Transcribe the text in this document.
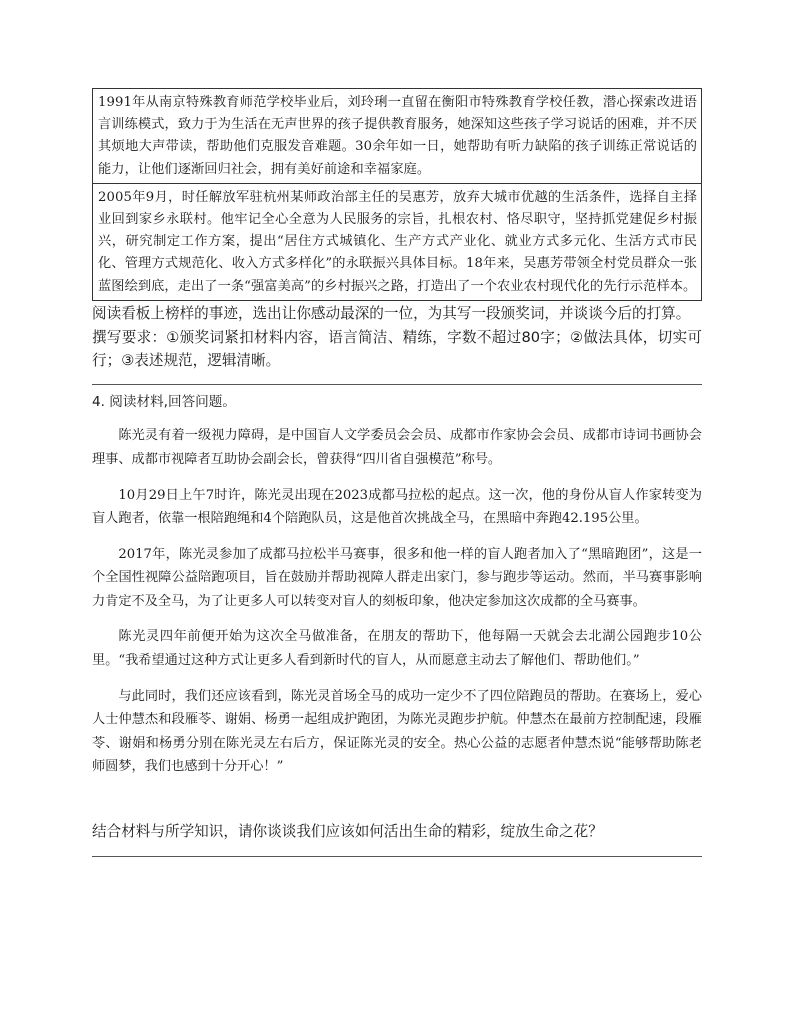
1991年从南京特殊教育师范学校毕业后，刘玲琍一直留在衡阳市特殊教育学校任教，潜心探索改进语言训练模式，致力于为生活在无声世界的孩子提供教育服务，她深知这些孩子学习说话的困难，并不厌其烦地大声带读，帮助他们克服发音难题。30余年如一日，她帮助有听力缺陷的孩子训练正常说话的能力，让他们逐渐回归社会，拥有美好前途和幸福家庭。
2005年9月，时任解放军驻杭州某师政治部主任的吴惠芳，放弃大城市优越的生活条件，选择自主择业回到家乡永联村。他牢记全心全意为人民服务的宗旨，扎根农村、恪尽职守，坚持抓党建促乡村振兴，研究制定工作方案，提出“居住方式城镇化、生产方式产业化、就业方式多元化、生活方式市民化、管理方式规范化、收入方式多样化”的永联振兴具体目标。18年来，吴惠芳带领全村党员群众一张蓝图绘到底，走出了一条“强富美高”的乡村振兴之路，打造出了一个农业农村现代化的先行示范样本。

阅读看板上榜样的事迹，选出让你感动最深的一位，为其写一段颁奖词，并谈谈今后的打算。

撰写要求：①颁奖词紧扣材料内容，语言简洁、精练，字数不超过80字；②做法具体，切实可行；③表述规范，逻辑清晰。

4. 阅读材料,回答问题。

陈光灵有着一级视力障碍，是中国盲人文学委员会会员、成都市作家协会会员、成都市诗词书画协会理事、成都市视障者互助协会副会长，曾获得“四川省自强模范”称号。

10月29日上午7时许，陈光灵出现在2023成都马拉松的起点。这一次，他的身份从盲人作家转变为盲人跑者，依靠一根陪跑绳和4个陪跑队员，这是他首次挑战全马，在黑暗中奔跑42.195公里。

2017年，陈光灵参加了成都马拉松半马赛事，很多和他一样的盲人跑者加入了“黑暗跑团”，这是一个全国性视障公益陪跑项目，旨在鼓励并帮助视障人群走出家门，参与跑步等运动。然而，半马赛事影响力肯定不及全马，为了让更多人可以转变对盲人的刻板印象，他决定参加这次成都的全马赛事。

陈光灵四年前便开始为这次全马做准备，在朋友的帮助下，他每隔一天就会去北湖公园跑步10公里。“我希望通过这种方式让更多人看到新时代的盲人，从而愿意主动去了解他们、帮助他们。”

与此同时，我们还应该看到，陈光灵首场全马的成功一定少不了四位陪跑员的帮助。在赛场上，爱心人士仲慧杰和段雁苓、谢娟、杨勇一起组成护跑团，为陈光灵跑步护航。仲慧杰在最前方控制配速，段雁苓、谢娟和杨勇分别在陈光灵左右后方，保证陈光灵的安全。热心公益的志愿者仲慧杰说“能够帮助陈老师圆梦，我们也感到十分开心！”

结合材料与所学知识，请你谈谈我们应该如何活出生命的精彩，绽放生命之花？
